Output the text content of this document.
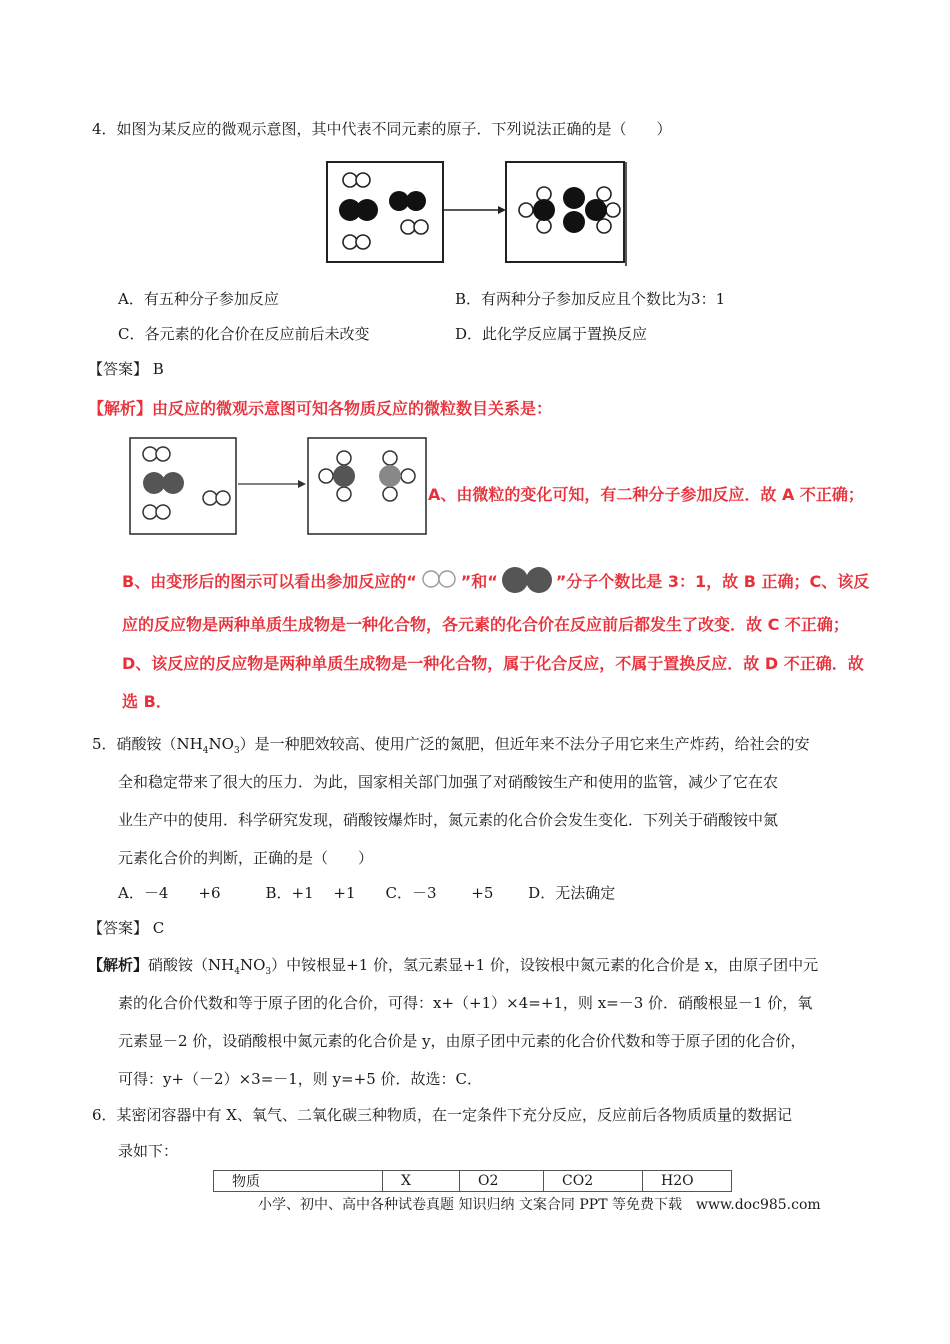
4．如图为某反应的微观示意图，其中代表不同元素的原子．下列说法正确的是（　　）
A．有五种分子参加反应	B．有两种分子参加反应且个数比为3：1
C．各元素的化合价在反应前后未改变	D．此化学反应属于置换反应
【答案】 B
【解析】由反应的微观示意图可知各物质反应的微粒数目关系是：
A、由微粒的变化可知，有二种分子参加反应．故 A 不正确；
B、由变形后的图示可以看出参加反应的“	”和“	”分子个数比是 3：1，故 B 正确；C、该反
应的反应物是两种单质生成物是一种化合物，各元素的化合价在反应前后都发生了改变．故 C 不正确；
D、该反应的反应物是两种单质生成物是一种化合物，属于化合反应，不属于置换反应．故 D 不正确．故
选 B．
5．硝酸铵$(NH_4NO_3)$是一种肥效较高、使用广泛的氮肥，但近年来不法分子用它来生产炸药，给社会的安
全和稳定带来了很大的压力．为此，国家相关部门加强了对硝酸铵生产和使用的监管，减少了它在农
业生产中的使用．科学研究发现，硝酸铵爆炸时，氮元素的化合价会发生变化．下列关于硝酸铵中氮
元素化合价的判断，正确的是（　　）
A．－4　　+6　　　B．+1　 +1　　C．－3　　 +5　　 D．无法确定
【答案】 C
【解析】硝酸铵$(NH_4NO_3)$中铵根显+1 价，氢元素显+1 价，设铵根中氮元素的化合价是 x，由原子团中元
素的化合价代数和等于原子团的化合价，可得：x+（+1）×4=+1，则 x=－3 价．硝酸根显－1 价，氧
元素显－2 价，设硝酸根中氮元素的化合价是 y，由原子团中元素的化合价代数和等于原子团的化合价，
可得：y+（－2）×3=－1，则 y=+5 价．故选：C．
6．某密闭容器中有 X、氧气、二氧化碳三种物质，在一定条件下充分反应，反应前后各物质质量的数据记
录如下：
物质	X	O2	CO2	H2O
小学、初中、高中各种试卷真题 知识归纳 文案合同 PPT 等免费下载　www.doc985.com
